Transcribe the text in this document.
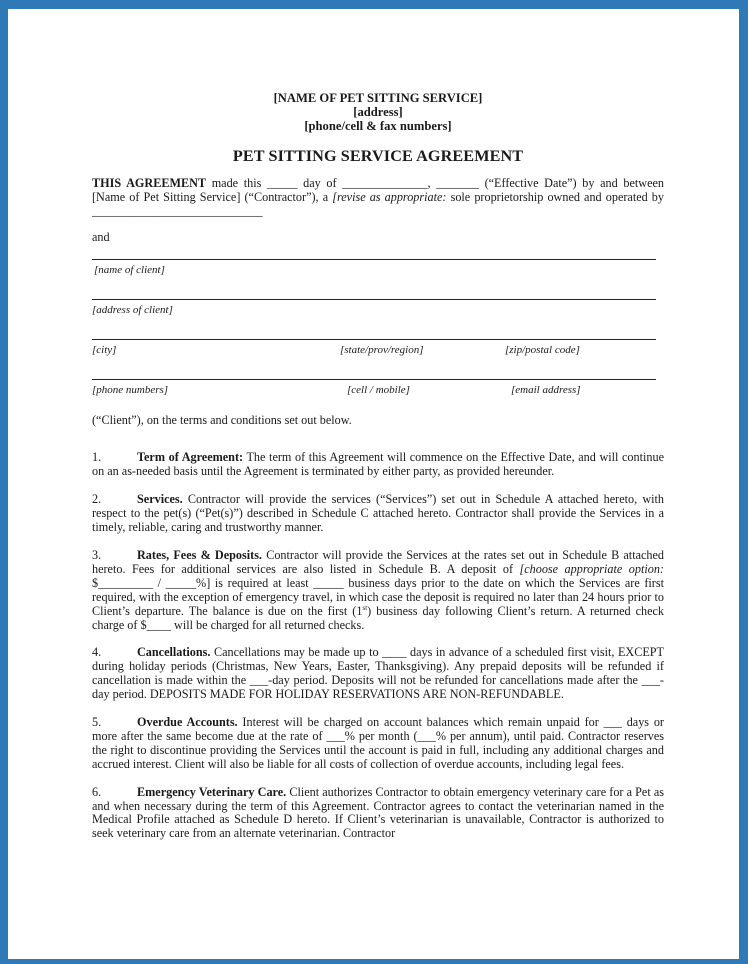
[NAME OF PET SITTING SERVICE]
[address]
[phone/cell & fax numbers]
PET SITTING SERVICE AGREEMENT
THIS AGREEMENT made this _____ day of ______________, _______ (“Effective Date”) by and between [Name of Pet Sitting Service] (“Contractor”), a [revise as appropriate: sole proprietorship owned and operated by ____________________________
and
[name of client]
[address of client]
[city]	[state/prov/region]	[zip/postal code]
[phone numbers]	[cell / mobile]	[email address]
(“Client”), on the terms and conditions set out below.
1.	Term of Agreement: The term of this Agreement will commence on the Effective Date, and will continue on an as-needed basis until the Agreement is terminated by either party, as provided hereunder.
2.	Services. Contractor will provide the services (“Services”) set out in Schedule A attached hereto, with respect to the pet(s) (“Pet(s)”) described in Schedule C attached hereto. Contractor shall provide the Services in a timely, reliable, caring and trustworthy manner.
3.	Rates, Fees & Deposits. Contractor will provide the Services at the rates set out in Schedule B attached hereto. Fees for additional services are also listed in Schedule B. A deposit of [choose appropriate option: $_________ / _____%] is required at least _____ business days prior to the date on which the Services are first required, with the exception of emergency travel, in which case the deposit is required no later than 24 hours prior to Client’s departure. The balance is due on the first (1st) business day following Client’s return. A returned check charge of $____ will be charged for all returned checks.
4.	Cancellations. Cancellations may be made up to ____ days in advance of a scheduled first visit, EXCEPT during holiday periods (Christmas, New Years, Easter, Thanksgiving). Any prepaid deposits will be refunded if cancellation is made within the ___-day period. Deposits will not be refunded for cancellations made after the ___-day period. DEPOSITS MADE FOR HOLIDAY RESERVATIONS ARE NON-REFUNDABLE.
5.	Overdue Accounts. Interest will be charged on account balances which remain unpaid for ___ days or more after the same become due at the rate of ___% per month (___% per annum), until paid. Contractor reserves the right to discontinue providing the Services until the account is paid in full, including any additional charges and accrued interest. Client will also be liable for all costs of collection of overdue accounts, including legal fees.
6.	Emergency Veterinary Care. Client authorizes Contractor to obtain emergency veterinary care for a Pet as and when necessary during the term of this Agreement. Contractor agrees to contact the veterinarian named in the Medical Profile attached as Schedule D hereto. If Client’s veterinarian is unavailable, Contractor is authorized to seek veterinary care from an alternate veterinarian. Contractor
